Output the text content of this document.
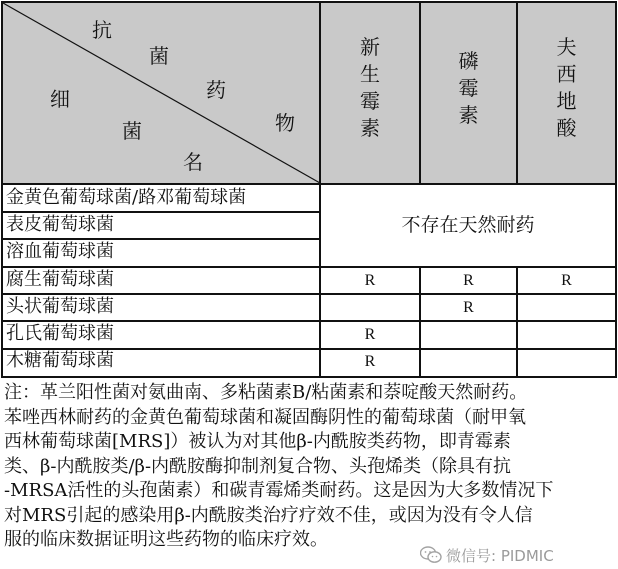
抗
菌
药
物
细
菌
名
新
生
霉
素
磷
霉
素
夫
西
地
酸
金黄色葡萄球菌/路邓葡萄球菌
表皮葡萄球菌
溶血葡萄球菌
腐生葡萄球菌
头状葡萄球菌
孔氏葡萄球菌
木糖葡萄球菌
不存在天然耐药
R	R	R
R
R
R
注：革兰阳性菌对氨曲南、多粘菌素B/粘菌素和萘啶酸天然耐药。
苯唑西林耐药的金黄色葡萄球菌和凝固酶阴性的葡萄球菌（耐甲氧
西林葡萄球菌[MRS]）被认为对其他β-内酰胺类药物，即青霉素
类、β-内酰胺类/β-内酰胺酶抑制剂复合物、头孢烯类（除具有抗
-MRSA活性的头孢菌素）和碳青霉烯类耐药。这是因为大多数情况下
对MRS引起的感染用β-内酰胺类治疗疗效不佳，或因为没有令人信
服的临床数据证明这些药物的临床疗效。
微信号: PIDMIC
